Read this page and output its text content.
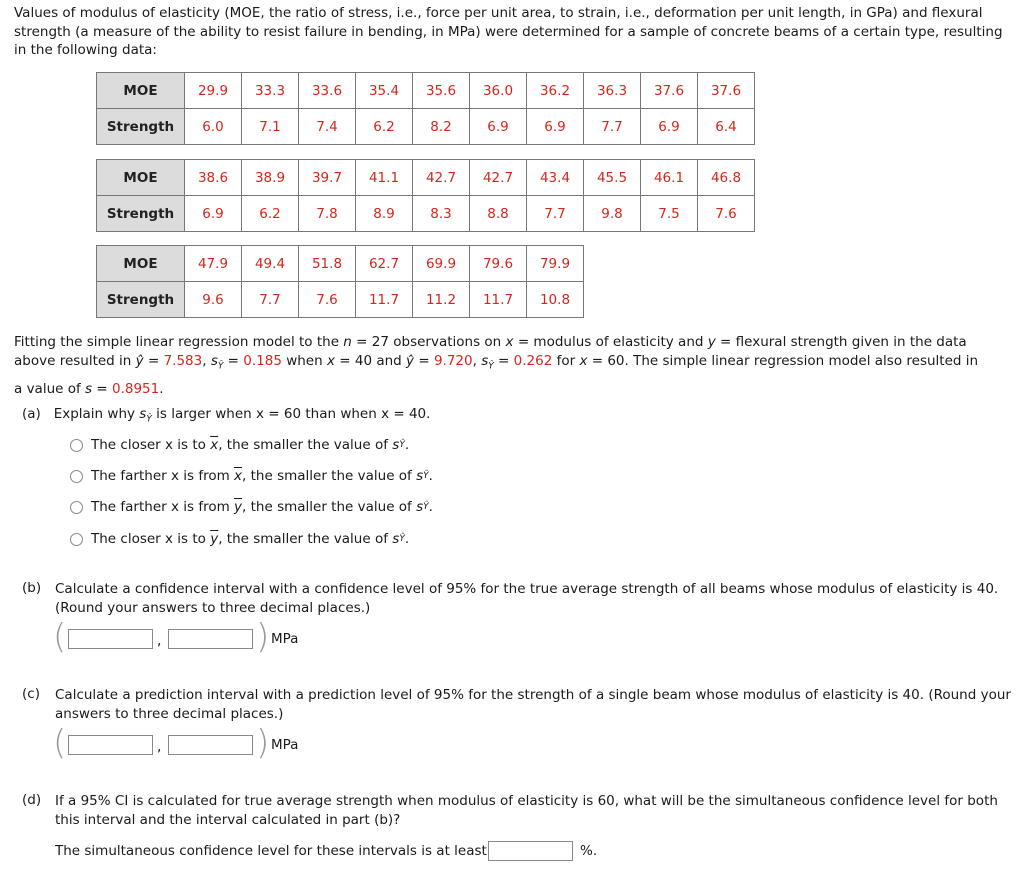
Values of modulus of elasticity (MOE, the ratio of stress, i.e., force per unit area, to strain, i.e., deformation per unit length, in GPa) and flexural strength (a measure of the ability to resist failure in bending, in MPa) were determined for a sample of concrete beams of a certain type, resulting in the following data:
MOE	29.9	33.3	33.6	35.4	35.6	36.0	36.2	36.3	37.6	37.6
Strength	6.0	7.1	7.4	6.2	8.2	6.9	6.9	7.7	6.9	6.4
MOE	38.6	38.9	39.7	41.1	42.7	42.7	43.4	45.5	46.1	46.8
Strength	6.9	6.2	7.8	8.9	8.3	8.8	7.7	9.8	7.5	7.6
MOE	47.9	49.4	51.8	62.7	69.9	79.6	79.9
Strength	9.6	7.7	7.6	11.7	11.2	11.7	10.8
Fitting the simple linear regression model to the n = 27 observations on x = modulus of elasticity and y = flexural strength given in the data above resulted in ŷ = 7.583, $s_Ŷ = 0.185$ when x = 40 and ŷ = 9.720, $s_Ŷ = 0.262$ for x = 60. The simple linear regression model also resulted in
a value of s = 0.8951.
(a) Explain why $s_Ŷ$ is larger when x = 60 than when x = 40.
The closer x is to
$\overline{x}$ , the smaller the value of
s Ŷ .
The farther x is from
$\overline{x}$ , the smaller the value of
s Ŷ .
The farther x is from
$\overline{y}$ , the smaller the value of
s Ŷ .
The closer x is to
$\overline{y}$ , the smaller the value of
s Ŷ .
(b)	Calculate a confidence interval with a confidence level of 95% for the true average strength of all beams whose modulus of elasticity is 40. (Round your answers to three decimal places.)
(	,	) MPa
(c)	Calculate a prediction interval with a prediction level of 95% for the strength of a single beam whose modulus of elasticity is 40. (Round your answers to three decimal places.)
(	,	) MPa
(d)	If a 95% CI is calculated for true average strength when modulus of elasticity is 60, what will be the simultaneous confidence level for both this interval and the interval calculated in part (b)?
The simultaneous confidence level for these intervals is at least	%.
